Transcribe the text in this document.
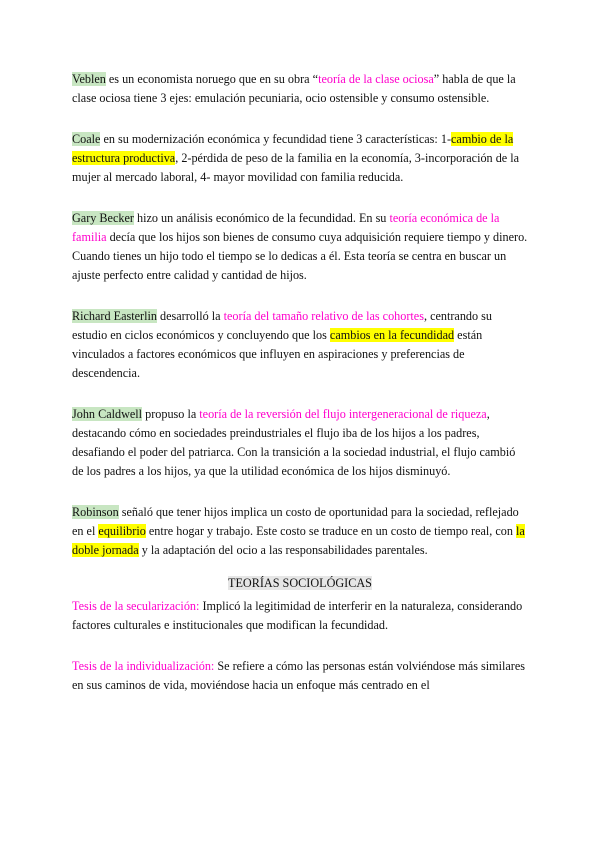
Veblen es un economista noruego que en su obra “teoría de la clase ociosa” habla de que la clase ociosa tiene 3 ejes: emulación pecuniaria, ocio ostensible y consumo ostensible.

Coale en su modernización económica y fecundidad tiene 3 características: 1-cambio de la estructura productiva, 2-pérdida de peso de la familia en la economía, 3-incorporación de la mujer al mercado laboral, 4- mayor movilidad con familia reducida.

Gary Becker hizo un análisis económico de la fecundidad. En su teoría económica de la familia decía que los hijos son bienes de consumo cuya adquisición requiere tiempo y dinero. Cuando tienes un hijo todo el tiempo se lo dedicas a él. Esta teoría se centra en buscar un ajuste perfecto entre calidad y cantidad de hijos.

Richard Easterlin desarrolló la teoría del tamaño relativo de las cohortes, centrando su estudio en ciclos económicos y concluyendo que los cambios en la fecundidad están vinculados a factores económicos que influyen en aspiraciones y preferencias de descendencia.

John Caldwell propuso la teoría de la reversión del flujo intergeneracional de riqueza, destacando cómo en sociedades preindustriales el flujo iba de los hijos a los padres, desafiando el poder del patriarca. Con la transición a la sociedad industrial, el flujo cambió de los padres a los hijos, ya que la utilidad económica de los hijos disminuyó.

Robinson señaló que tener hijos implica un costo de oportunidad para la sociedad, reflejado en el equilibrio entre hogar y trabajo. Este costo se traduce en un costo de tiempo real, con la doble jornada y la adaptación del ocio a las responsabilidades parentales.

TEORÍAS SOCIOLÓGICAS

Tesis de la secularización: Implicó la legitimidad de interferir en la naturaleza, considerando factores culturales e institucionales que modifican la fecundidad.

Tesis de la individualización: Se refiere a cómo las personas están volviéndose más similares en sus caminos de vida, moviéndose hacia un enfoque más centrado en el
